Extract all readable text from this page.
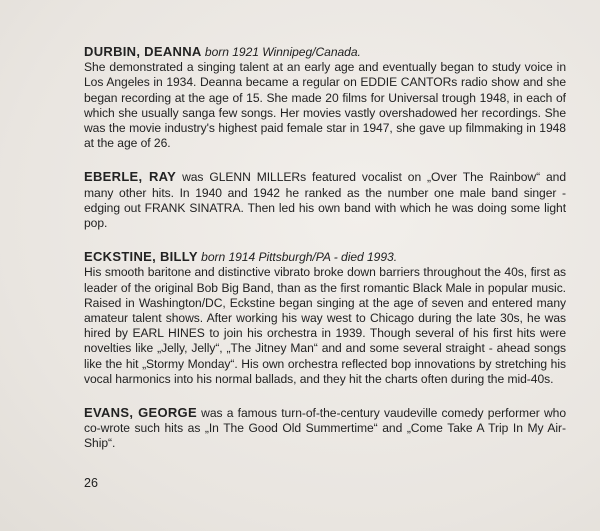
DURBIN, DEANNA born 1921 Winnipeg/Canada.

She demonstrated a singing talent at an early age and eventually began to study voice in Los Angeles in 1934. Deanna became a regular on EDDIE CANTORs radio show and she began recording at the age of 15. She made 20 films for Universal trough 1948, in each of which she usually sanga few songs. Her movies vastly overshadowed her recordings. She was the movie industry's highest paid female star in 1947, she gave up filmmaking in 1948 at the age of 26.

EBERLE, RAY was GLENN MILLERs featured vocalist on „Over The Rainbow“ and many other hits. In 1940 and 1942 he ranked as the number one male band singer - edging out FRANK SINATRA. Then led his own band with which he was doing some light pop.

ECKSTINE, BILLY born 1914 Pittsburgh/PA - died 1993.

His smooth baritone and distinctive vibrato broke down barriers throughout the 40s, first as leader of the original Bob Big Band, than as the first romantic Black Male in popular music. Raised in Washington/DC, Eckstine began singing at the age of seven and entered many amateur talent shows. After working his way west to Chicago during the late 30s, he was hired by EARL HINES to join his orchestra in 1939. Though several of his first hits were novelties like „Jelly, Jelly“, „The Jitney Man“ and and some several straight - ahead songs like the hit „Stormy Monday“. His own orchestra reflected bop innovations by stretching his vocal harmonics into his normal ballads, and they hit the charts often during the mid-40s.

EVANS, GEORGE was a famous turn-of-the-century vaudeville comedy performer who co-wrote such hits as „In The Good Old Summertime“ and „Come Take A Trip In My Air-Ship“.

26
